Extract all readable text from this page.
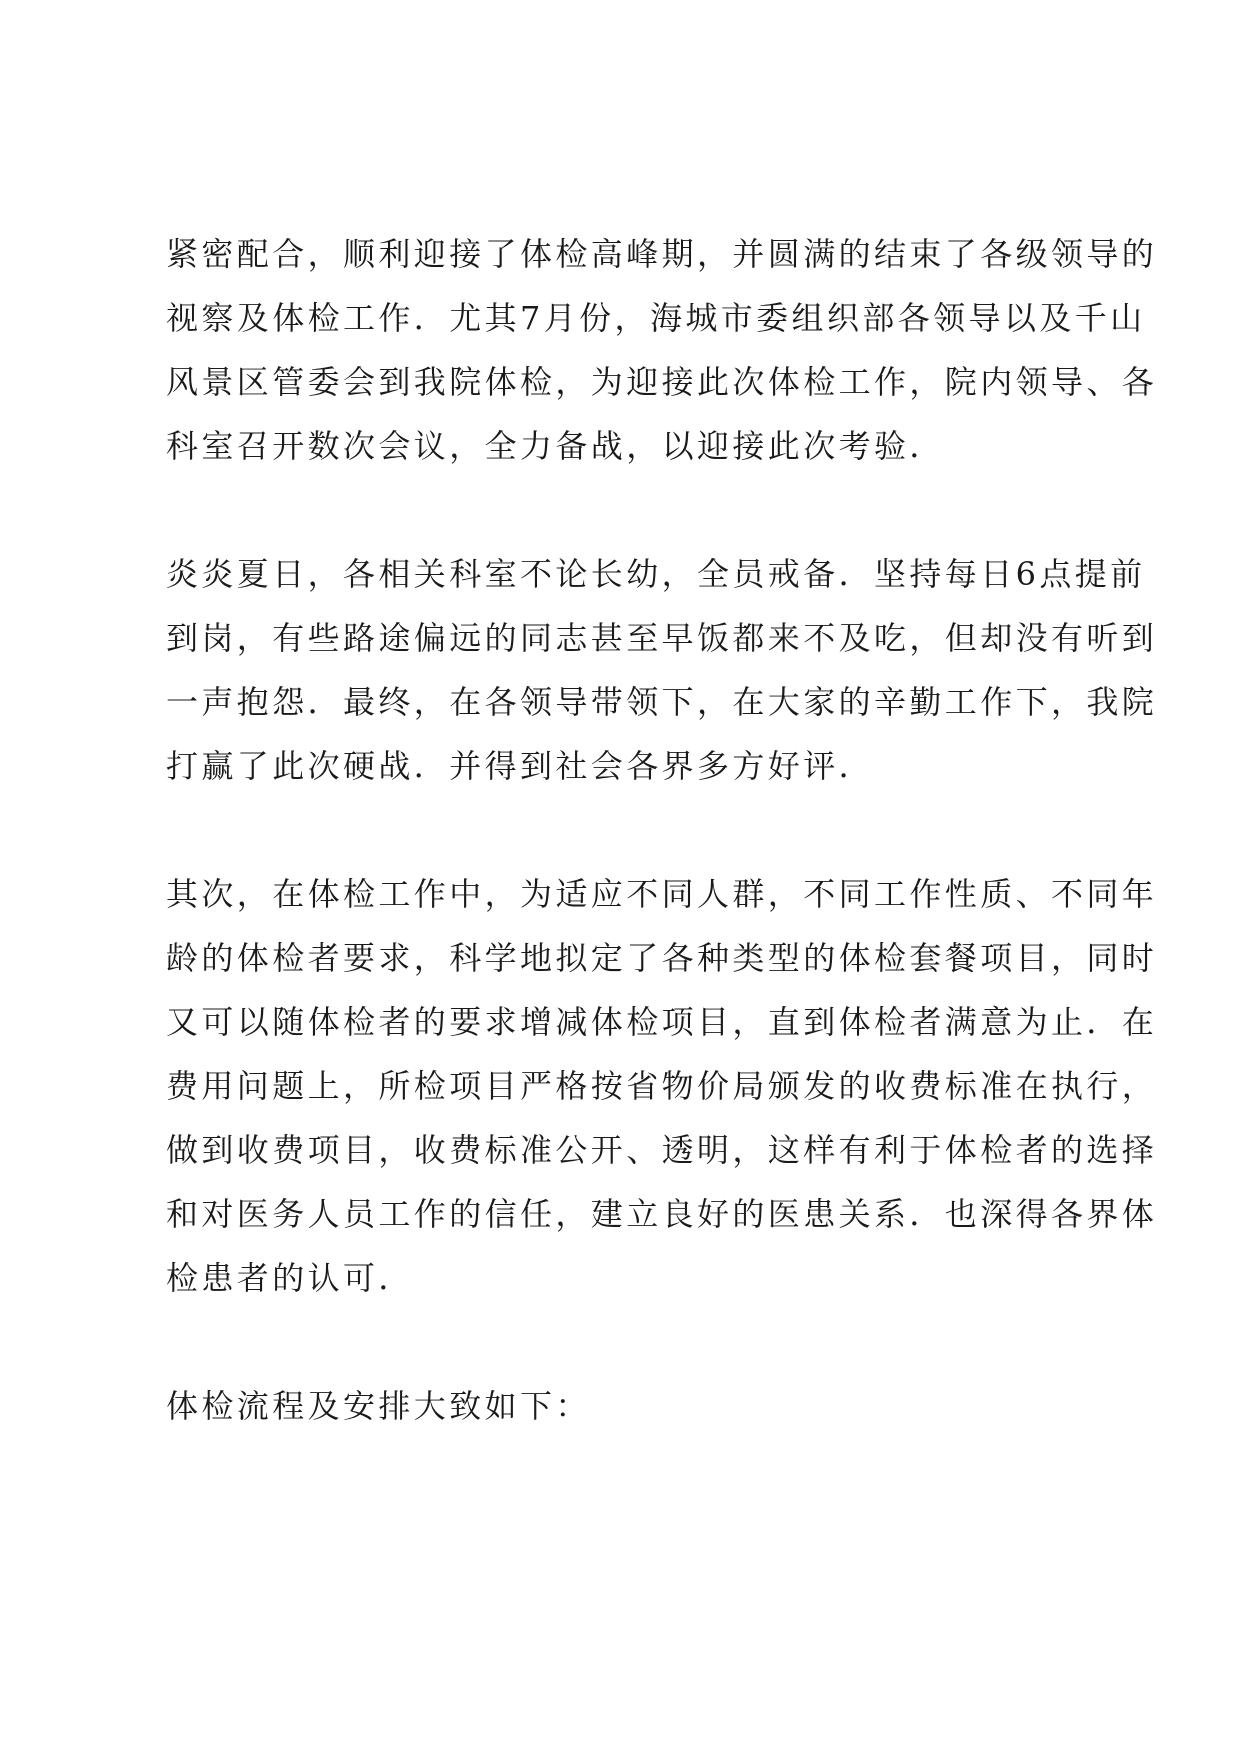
紧密配合，顺利迎接了体检高峰期，并圆满的结束了各级领导的
视察及体检工作．尤其7月份，海城市委组织部各领导以及千山
风景区管委会到我院体检，为迎接此次体检工作，院内领导、各
科室召开数次会议，全力备战，以迎接此次考验．

炎炎夏日，各相关科室不论长幼，全员戒备．坚持每日6点提前
到岗，有些路途偏远的同志甚至早饭都来不及吃，但却没有听到
一声抱怨．最终，在各领导带领下，在大家的辛勤工作下，我院
打赢了此次硬战．并得到社会各界多方好评．

其次，在体检工作中，为适应不同人群，不同工作性质、不同年
龄的体检者要求，科学地拟定了各种类型的体检套餐项目，同时
又可以随体检者的要求增减体检项目，直到体检者满意为止．在
费用问题上，所检项目严格按省物价局颁发的收费标准在执行，
做到收费项目，收费标准公开、透明，这样有利于体检者的选择
和对医务人员工作的信任，建立良好的医患关系．也深得各界体
检患者的认可．

体检流程及安排大致如下：
